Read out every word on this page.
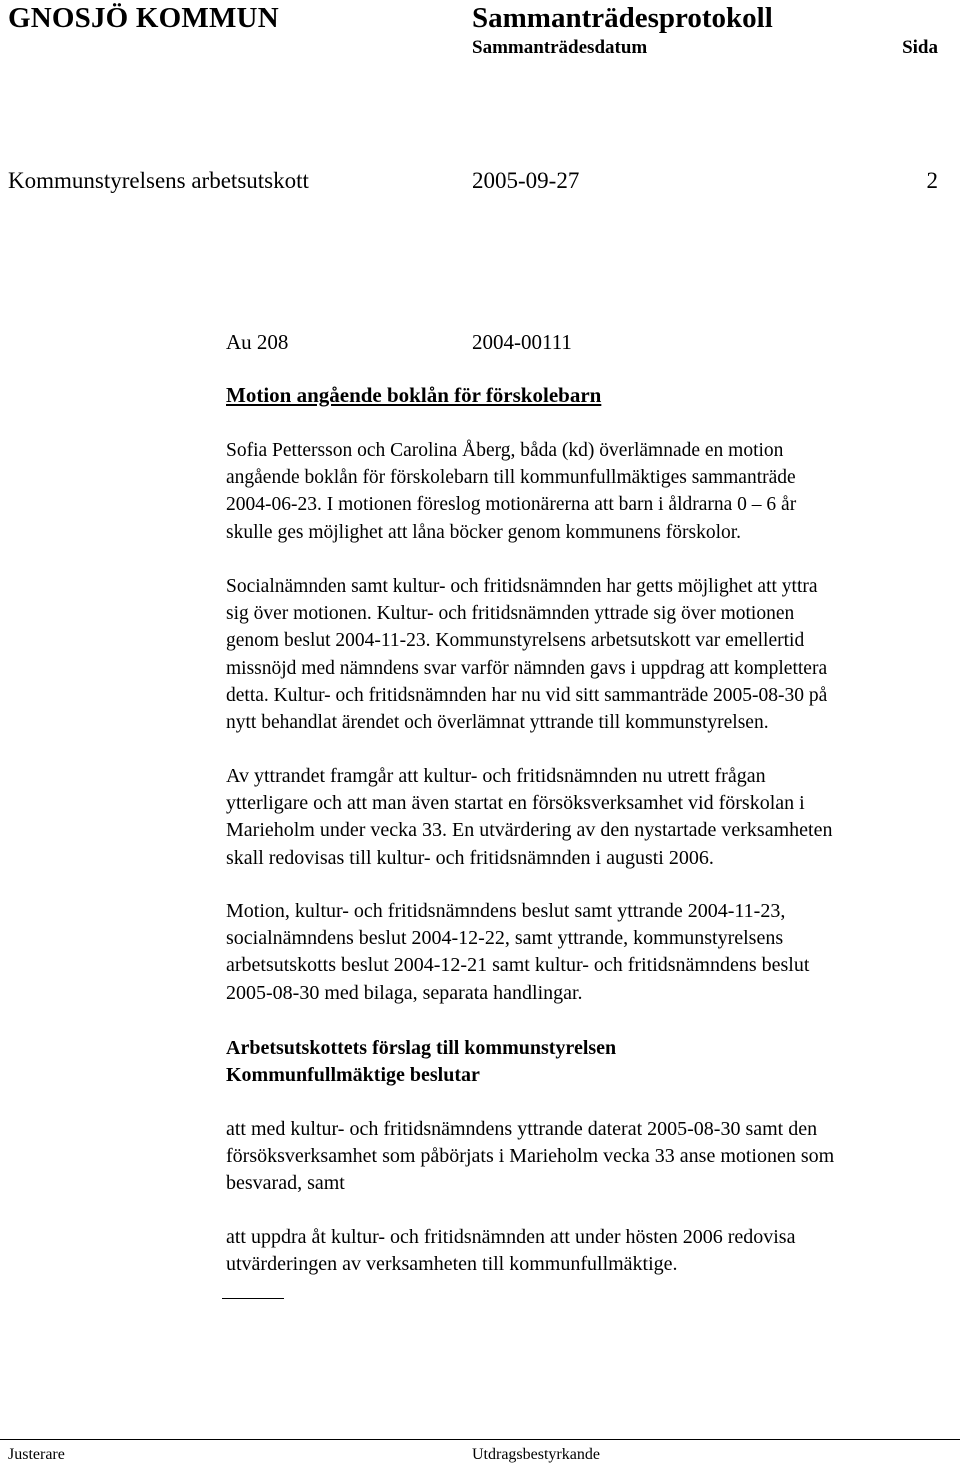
GNOSJÖ KOMMUN	Sammanträdesprotokoll
Sammanträdesdatum	Sida
Kommunstyrelsens arbetsutskott	2005-09-27	2
Au 208	2004-00111
Motion angående boklån för förskolebarn
Sofia Pettersson och Carolina Åberg, båda (kd) överlämnade en motion
angående boklån för förskolebarn till kommunfullmäktiges sammanträde
2004-06-23. I motionen föreslog motionärerna att barn i åldrarna 0 – 6 år
skulle ges möjlighet att låna böcker genom kommunens förskolor.
Socialnämnden samt kultur- och fritidsnämnden har getts möjlighet att yttra
sig över motionen. Kultur- och fritidsnämnden yttrade sig över motionen
genom beslut 2004-11-23. Kommunstyrelsens arbetsutskott var emellertid
missnöjd med nämndens svar varför nämnden gavs i uppdrag att komplettera
detta. Kultur- och fritidsnämnden har nu vid sitt sammanträde 2005-08-30 på
nytt behandlat ärendet och överlämnat yttrande till kommunstyrelsen.
Av yttrandet framgår att kultur- och fritidsnämnden nu utrett frågan
ytterligare och att man även startat en försöksverksamhet vid förskolan i
Marieholm under vecka 33. En utvärdering av den nystartade verksamheten
skall redovisas till kultur- och fritidsnämnden i augusti 2006.
Motion, kultur- och fritidsnämndens beslut samt yttrande 2004-11-23,
socialnämndens beslut 2004-12-22, samt yttrande, kommunstyrelsens
arbetsutskotts beslut 2004-12-21 samt kultur- och fritidsnämndens beslut
2005-08-30 med bilaga, separata handlingar.
Arbetsutskottets förslag till kommunstyrelsen
Kommunfullmäktige beslutar
att med kultur- och fritidsnämndens yttrande daterat 2005-08-30 samt den
försöksverksamhet som påbörjats i Marieholm vecka 33 anse motionen som
besvarad, samt
att uppdra åt kultur- och fritidsnämnden att under hösten 2006 redovisa
utvärderingen av verksamheten till kommunfullmäktige.
Justerare	Utdragsbestyrkande
